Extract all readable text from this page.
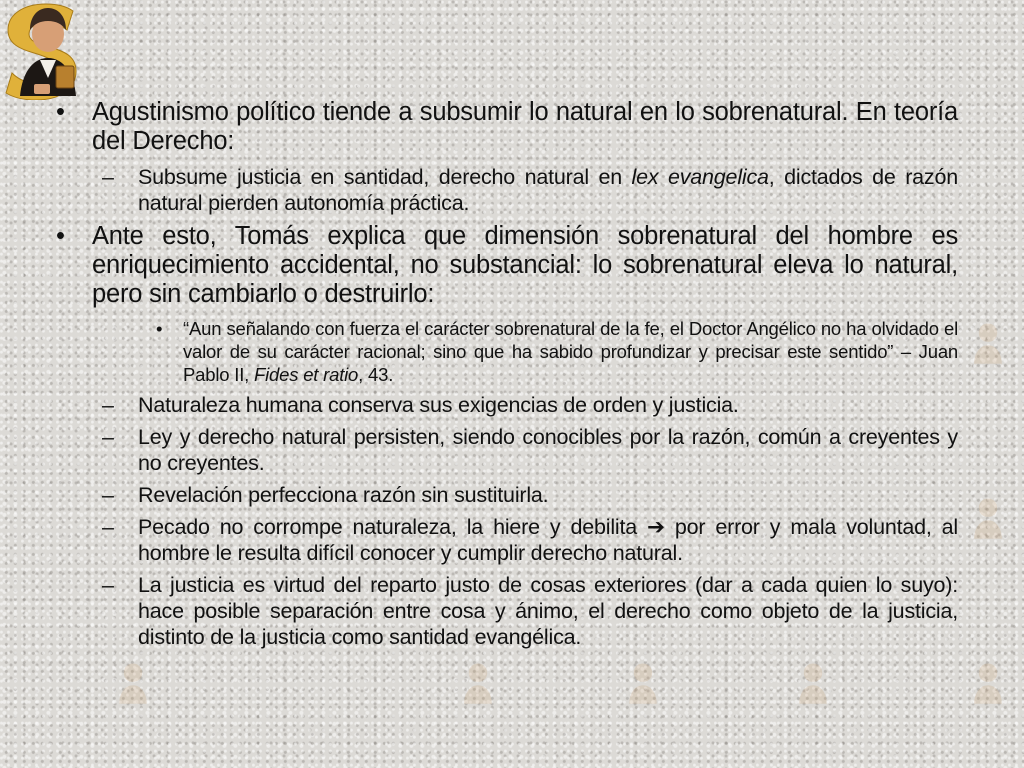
• Agustinismo político tiende a subsumir lo natural en lo sobrenatural. En teoría del Derecho:
– Subsume justicia en santidad, derecho natural en lex evangelica, dictados de razón natural pierden autonomía práctica.
• Ante esto, Tomás explica que dimensión sobrenatural del hombre es enriquecimiento accidental, no substancial: lo sobrenatural eleva lo natural, pero sin cambiarlo o destruirlo:
• “Aun señalando con fuerza el carácter sobrenatural de la fe, el Doctor Angélico no ha olvidado el valor de su carácter racional; sino que ha sabido profundizar y precisar este sentido” – Juan Pablo II, Fides et ratio, 43.
– Naturaleza humana conserva sus exigencias de orden y justicia.
– Ley y derecho natural persisten, siendo conocibles por la razón, común a creyentes y no creyentes.
– Revelación perfecciona razón sin sustituirla.
– Pecado no corrompe naturaleza, la hiere y debilita ➔ por error y mala voluntad, al hombre le resulta difícil conocer y cumplir derecho natural.
– La justicia es virtud del reparto justo de cosas exteriores (dar a cada quien lo suyo): hace posible separación entre cosa y ánimo, el derecho como objeto de la justicia, distinto de la justicia como santidad evangélica.
